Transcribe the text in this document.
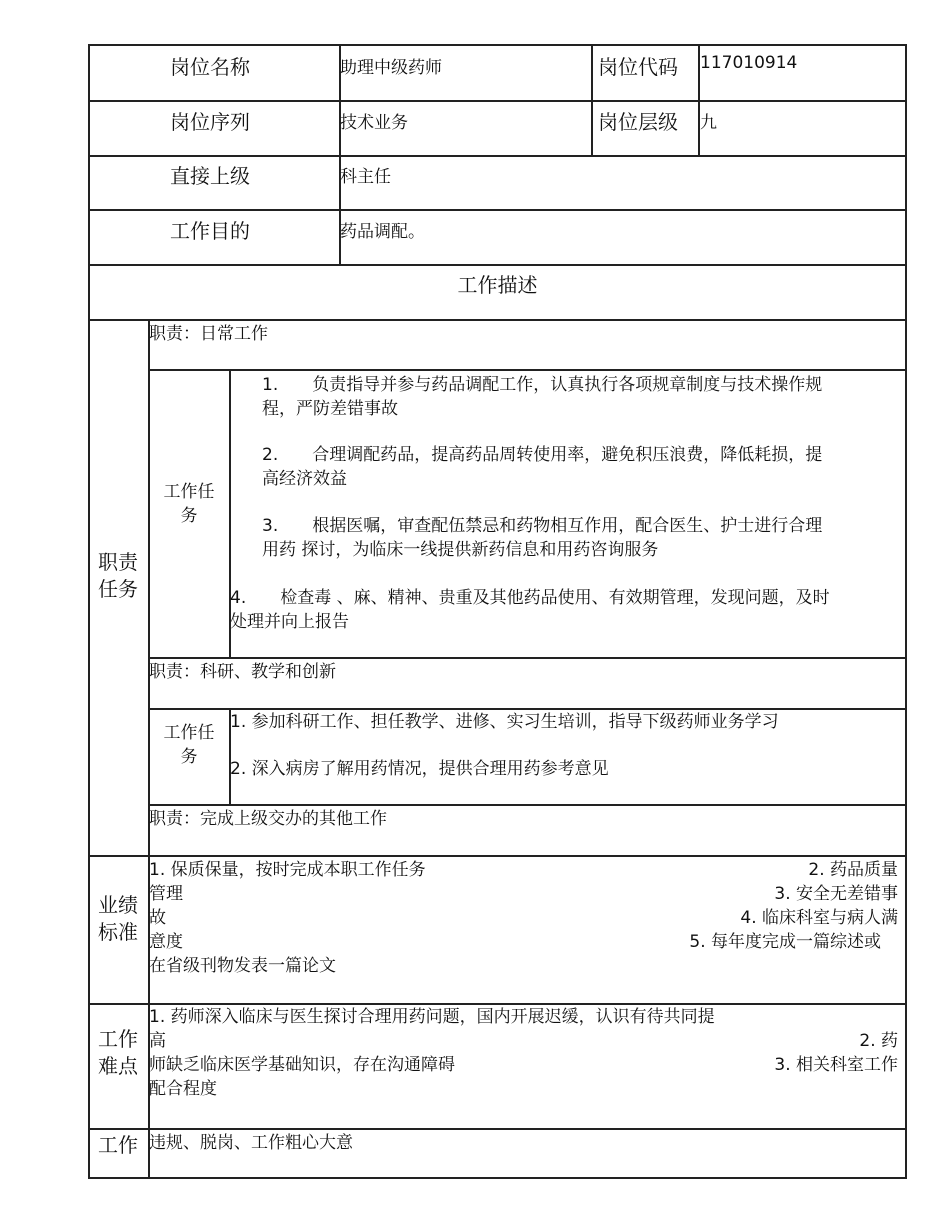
岗位名称	助理中级药师	岗位代码 117010914
岗位序列	技术业务	岗位层级 九
直接上级	科主任
工作目的	药品调配。
工作描述
职责
任务
职责：日常工作
工作任
务
1.　　负责指导并参与药品调配工作，认真执行各项规章制度与技术操作规
程，严防差错事故
2.　　合理调配药品，提高药品周转使用率，避免积压浪费，降低耗损，提
高经济效益
3.　　根据医嘱，审查配伍禁忌和药物相互作用，配合医生、护士进行合理
用药 探讨，为临床一线提供新药信息和用药咨询服务
4.　　检查毒 、麻、精神、贵重及其他药品使用、有效期管理，发现问题，及时
处理并向上报告
职责：科研、教学和创新
工作任
务
1. 参加科研工作、担任教学、进修、实习生培训，指导下级药师业务学习
2. 深入病房了解用药情况，提供合理用药参考意见
职责：完成上级交办的其他工作
业绩
标准
1. 保质保量，按时完成本职工作任务	2. 药品质量
管理	3. 安全无差错事
故	4. 临床科室与病人满
意度	5. 每年度完成一篇综述或　
在省级刊物发表一篇论文
工作
难点
1. 药师深入临床与医生探讨合理用药问题，国内开展迟缓，认识有待共同提
高	2. 药
师缺乏临床医学基础知识，存在沟通障碍	3. 相关科室工作
配合程度
工作 违规、脱岗、工作粗心大意
